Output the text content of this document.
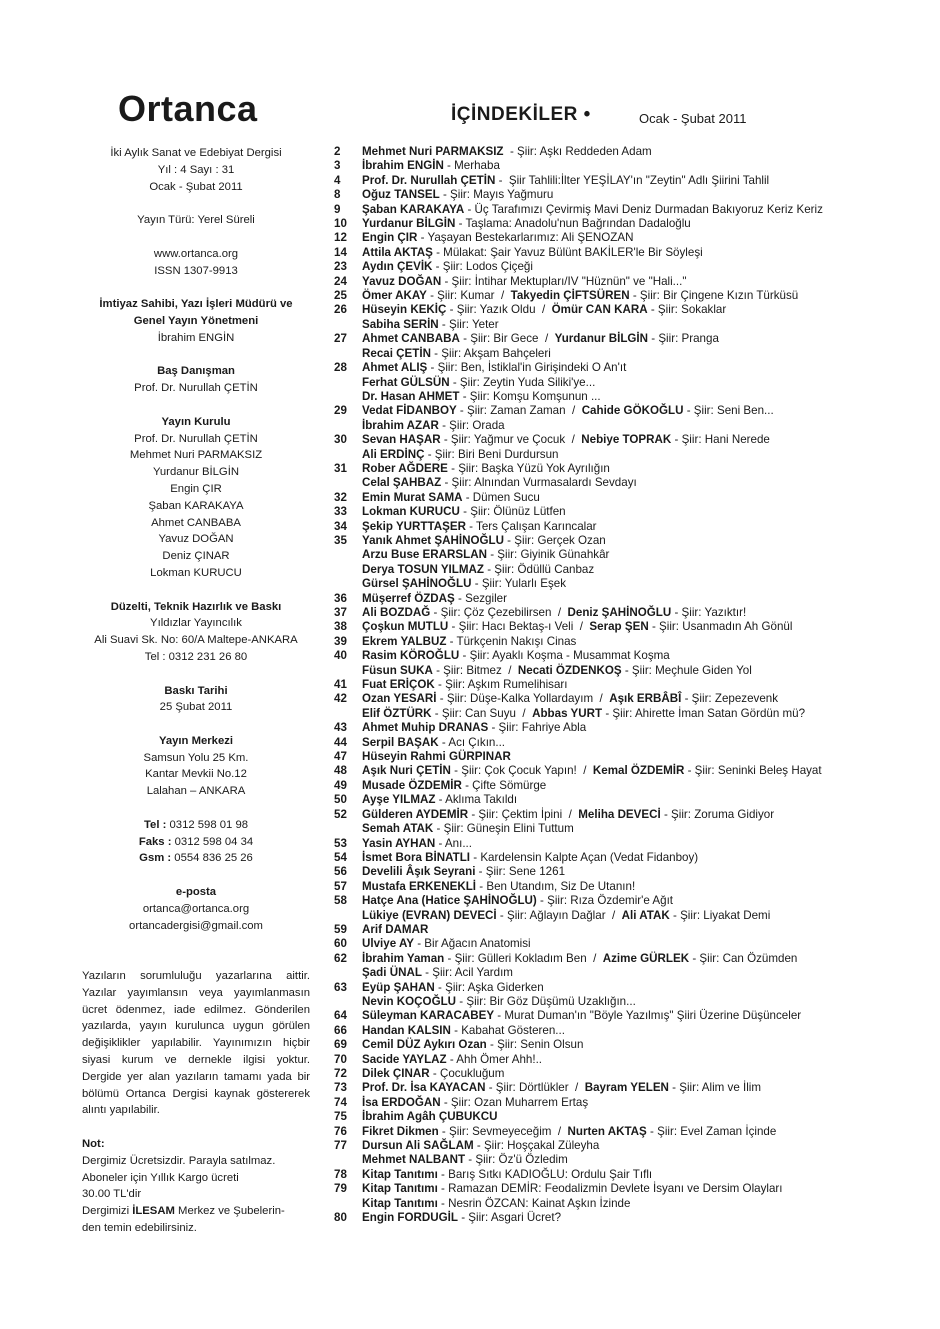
Ortanca	İÇİNDEKİLER •	Ocak - Şubat 2011
İki Aylık Sanat ve Edebiyat Dergisi
Yıl : 4 Sayı : 31
Ocak - Şubat 2011
Yayın Türü: Yerel Süreli
www.ortanca.org
ISSN 1307-9913
İmtiyaz Sahibi, Yazı İşleri Müdürü ve
Genel Yayın Yönetmeni
İbrahim ENGİN
Baş Danışman
Prof. Dr. Nurullah ÇETİN
Yayın Kurulu
Prof. Dr. Nurullah ÇETİN
Mehmet Nuri PARMAKSIZ
Yurdanur BİLGİN
Engin ÇIR
Şaban KARAKAYA
Ahmet CANBABA
Yavuz DOĞAN
Deniz ÇINAR
Lokman KURUCU
Düzelti, Teknik Hazırlık ve Baskı
Yıldızlar Yayıncılık
Ali Suavi Sk. No: 60/A Maltepe-ANKARA
Tel : 0312 231 26 80
Baskı Tarihi
25 Şubat 2011
Yayın Merkezi
Samsun Yolu 25 Km.
Kantar Mevkii No.12
Lalahan – ANKARA
Tel : 0312 598 01 98
Faks : 0312 598 04 34
Gsm : 0554 836 25 26
e-posta
ortanca@ortanca.org
ortancadergisi@gmail.com
Yazıların sorumluluğu yazarlarına aittir. Yazılar yayımlansın veya yayımlanmasın ücret ödenmez, iade edilmez. Gönderilen yazılarda, yayın kurulunca uygun görülen değişiklikler yapılabilir. Yayınımızın hiçbir siyasi kurum ve dernekle ilgisi yoktur. Dergide yer alan yazıların tamamı yada bir bölümü Ortanca Dergisi kaynak göstererek alıntı yapılabilir.
Not:
Dergimiz Ücretsizdir. Parayla satılmaz.
Aboneler için Yıllık Kargo ücreti
30.00 TL'dir
Dergimizi İLESAM Merkez ve Şubelerin-
den temin edebilirsiniz.
2	Mehmet Nuri PARMAKSIZ  - Şiir: Aşkı Reddeden Adam
3	İbrahim ENGİN - Merhaba
4	Prof. Dr. Nurullah ÇETİN -  Şiir Tahlili:İlter YEŞİLAY'ın "Zeytin" Adlı Şiirini Tahlil
8	Oğuz TANSEL - Şiir: Mayıs Yağmuru
9	Şaban KARAKAYA - Üç Tarafımızı Çevirmiş Mavi Deniz Durmadan Bakıyoruz Keriz Keriz
10	Yurdanur BİLGİN - Taşlama: Anadolu'nun Bağrından Dadaloğlu
12	Engin ÇIR - Yaşayan Bestekarlarımız: Ali ŞENOZAN
14	Attila AKTAŞ - Mülakat: Şair Yavuz Bülünt BAKİLER'le Bir Söyleşi
23	Aydın ÇEVİK - Şiir: Lodos Çiçeği
24	Yavuz DOĞAN - Şiir: İntihar Mektupları/IV "Hüznün" ve "Hali..."
25	Ömer AKAY - Şiir: Kumar  /  Takyedin ÇİFTSÜREN - Şiir: Bir Çingene Kızın Türküsü
26	Hüseyin KEKİÇ - Şiir: Yazık Oldu  /  Ömür CAN KARA - Şiir: Sokaklar
Sabiha SERİN - Şiir: Yeter
27	Ahmet CANBABA - Şiir: Bir Gece  /  Yurdanur BİLGİN - Şiir: Pranga
Recai ÇETİN - Şiir: Akşam Bahçeleri
28	Ahmet ALIŞ - Şiir: Ben, İstiklal'in Girişindeki O An'ıt
Ferhat GÜLSÜN - Şiir: Zeytin Yuda Siliki'ye...
Dr. Hasan AHMET - Şiir: Komşu Komşunun ...
29	Vedat FİDANBOY - Şiir: Zaman Zaman  /  Cahide GÖKOĞLU - Şiir: Seni Ben...
İbrahim AZAR - Şiir: Orada
30	Sevan HAŞAR - Şiir: Yağmur ve Çocuk  /  Nebiye TOPRAK - Şiir: Hani Nerede
Ali ERDİNÇ - Şiir: Biri Beni Durdursun
31	Rober AĞDERE - Şiir: Başka Yüzü Yok Ayrılığın
Celal ŞAHBAZ - Şiir: Alnından Vurmasalardı Sevdayı
32	Emin Murat SAMA - Dümen Sucu
33	Lokman KURUCU - Şiir: Ölünüz Lütfen
34	Şekip YURTTAŞER - Ters Çalışan Karıncalar
35	Yanık Ahmet ŞAHİNOĞLU - Şiir: Gerçek Ozan
Arzu Buse ERARSLAN - Şiir: Giyinik Günahkâr
Derya TOSUN YILMAZ - Şiir: Ödüllü Canbaz
Gürsel ŞAHİNOĞLU - Şiir: Yularlı Eşek
36	Müşerref ÖZDAŞ - Sezgiler
37	Ali BOZDAĞ - Şiir: Çöz Çezebilirsen  /  Deniz ŞAHİNOĞLU - Şiir: Yazıktır!
38	Çoşkun MUTLU - Şiir: Hacı Bektaş-ı Veli  /  Serap ŞEN - Şiir: Usanmadın Ah Gönül
39	Ekrem YALBUZ - Türkçenin Nakışı Cinas
40	Rasim KÖROĞLU - Şiir: Ayaklı Koşma - Musammat Koşma
Füsun SUKA - Şiir: Bitmez  /  Necati ÖZDENKOŞ - Şiir: Meçhule Giden Yol
41	Fuat ERİÇOK - Şiir: Aşkım Rumelihisarı
42	Ozan YESARİ - Şiir: Düşe-Kalka Yollardayım  /  Aşık ERBÂBÎ - Şiir: Zepezevenk
Elif ÖZTÜRK - Şiir: Can Suyu  /  Abbas YURT - Şiir: Ahirette İman Satan Gördün mü?
43	Ahmet Muhip DRANAS - Şiir: Fahriye Abla
44	Serpil BAŞAK - Acı Çıkın...
47	Hüseyin Rahmi GÜRPINAR
48	Aşık Nuri ÇETİN - Şiir: Çok Çocuk Yapın!  /  Kemal ÖZDEMİR - Şiir: Seninki Beleş Hayat
49	Musade ÖZDEMİR - Çifte Sömürge
50	Ayşe YILMAZ - Aklıma Takıldı
52	Gülderen AYDEMİR - Şiir: Çektim İpini  /  Meliha DEVECİ - Şiir: Zoruma Gidiyor
Semah ATAK - Şiir: Güneşin Elini Tuttum
53	Yasin AYHAN - Anı...
54	İsmet Bora BİNATLI - Kardelensin Kalpte Açan (Vedat Fidanboy)
56	Develili Âşık Seyrani - Şiir: Sene 1261
57	Mustafa ERKENEKLİ - Ben Utandım, Siz De Utanın!
58	Hatçe Ana (Hatice ŞAHİNOĞLU) - Şiir: Rıza Özdemir'e Ağıt
Lükiye (EVRAN) DEVECİ - Şiir: Ağlayın Dağlar  /  Ali ATAK - Şiir: Liyakat Demi
59	Arif DAMAR
60	Ulviye AY - Bir Ağacın Anatomisi
62	İbrahim Yaman - Şiir: Gülleri Kokladım Ben  /  Azime GÜRLEK - Şiir: Can Özümden
Şadi ÜNAL - Şiir: Acil Yardım
63	Eyüp ŞAHAN - Şiir: Aşka Giderken
Nevin KOÇOĞLU - Şiir: Bir Göz Düşümü Uzaklığın...
64	Süleyman KARACABEY - Murat Duman'ın "Böyle Yazılmış" Şiiri Üzerine Düşünceler
66	Handan KALSIN - Kabahat Gösteren...
69	Cemil DÜZ Aykırı Ozan - Şiir: Senin Olsun
70	Sacide YAYLAZ - Ahh Ömer Ahh!..
72	Dilek ÇINAR - Çocukluğum
73	Prof. Dr. İsa KAYACAN - Şiir: Dörtlükler  /  Bayram YELEN - Şiir: Alim ve İlim
74	İsa ERDOĞAN - Şiir: Ozan Muharrem Ertaş
75	İbrahim Agâh ÇUBUKCU
76	Fikret Dikmen - Şiir: Sevmeyeceğim  /  Nurten AKTAŞ - Şiir: Evel Zaman İçinde
77	Dursun Ali SAĞLAM - Şiir: Hoşçakal Züleyha
Mehmet NALBANT - Şiir: Öz'ü Özledim
78	Kitap Tanıtımı - Barış Sıtkı KADIOĞLU: Ordulu Şair Tıflı
79	Kitap Tanıtımı - Ramazan DEMİR: Feodalizmin Devlete İsyanı ve Dersim Olayları
Kitap Tanıtımı - Nesrin ÖZCAN: Kainat Aşkın İzinde
80	Engin FORDUGİL - Şiir: Asgari Ücret?
